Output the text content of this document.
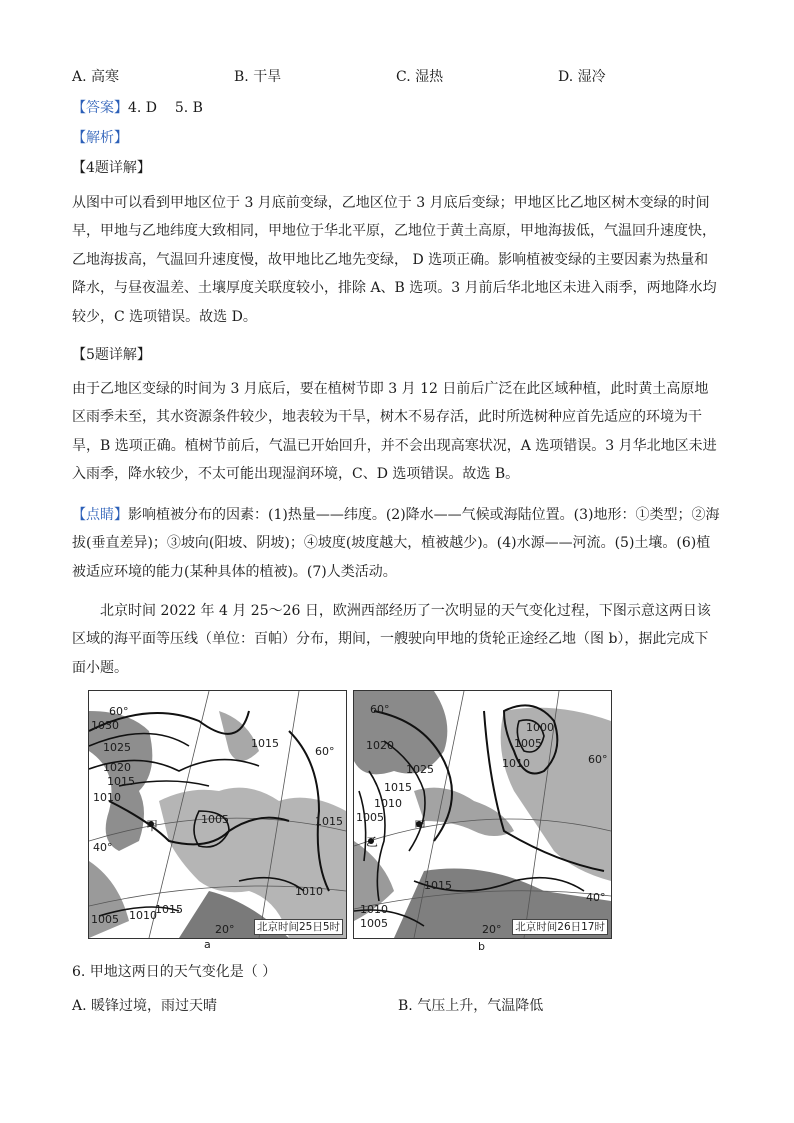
A. 高寒	B. 干旱	C. 湿热	D. 湿冷
【答案】4. D    5. B
【解析】
【4题详解】
从图中可以看到甲地区位于 3 月底前变绿，乙地区位于 3 月底后变绿；甲地区比乙地区树木变绿的时间早，甲地与乙地纬度大致相同，甲地位于华北平原，乙地位于黄土高原，甲地海拔低，气温回升速度快，乙地海拔高，气温回升速度慢，故甲地比乙地先变绿， D 选项正确。影响植被变绿的主要因素为热量和降水，与昼夜温差、土壤厚度关联度较小，排除 A、B 选项。3 月前后华北地区未进入雨季，两地降水均较少，C 选项错误。故选 D。
【5题详解】
由于乙地区变绿的时间为 3 月底后，要在植树节即 3 月 12 日前后广泛在此区域种植，此时黄土高原地区雨季未至，其水资源条件较少，地表较为干旱，树木不易存活，此时所选树种应首先适应的环境为干旱，B 选项正确。植树节前后，气温已开始回升，并不会出现高寒状况，A 选项错误。3 月华北地区未进入雨季，降水较少，不太可能出现湿润环境，C、D 选项错误。故选 B。
【点睛】影响植被分布的因素：(1)热量——纬度。(2)降水——气候或海陆位置。(3)地形：①类型；②海拔(垂直差异)；③坡向(阳坡、阴坡)；④坡度(坡度越大，植被越少)。(4)水源——河流。(5)土壤。(6)植被适应环境的能力(某种具体的植被)。(7)人类活动。
北京时间 2022 年 4 月 25～26 日，欧洲西部经历了一次明显的天气变化过程，下图示意这两日该区域的海平面等压线（单位：百帕）分布，期间，一艘驶向甲地的货轮正途经乙地（图 b），据此完成下面小题。
1030
1025
1020
1015
1010
1005
1015
1015
1010
1010
1015
1005
60°
40°
20°
60°
甲
北京时间25日5时
1020
1025
1015
1010
1005
1010
1005
1000
1015
1010
1005
60°
40°
20°
60°
甲
乙
北京时间26日17时
a	b
6. 甲地这两日的天气变化是（ ）
A. 暖锋过境，雨过天晴	B. 气压上升，气温降低
